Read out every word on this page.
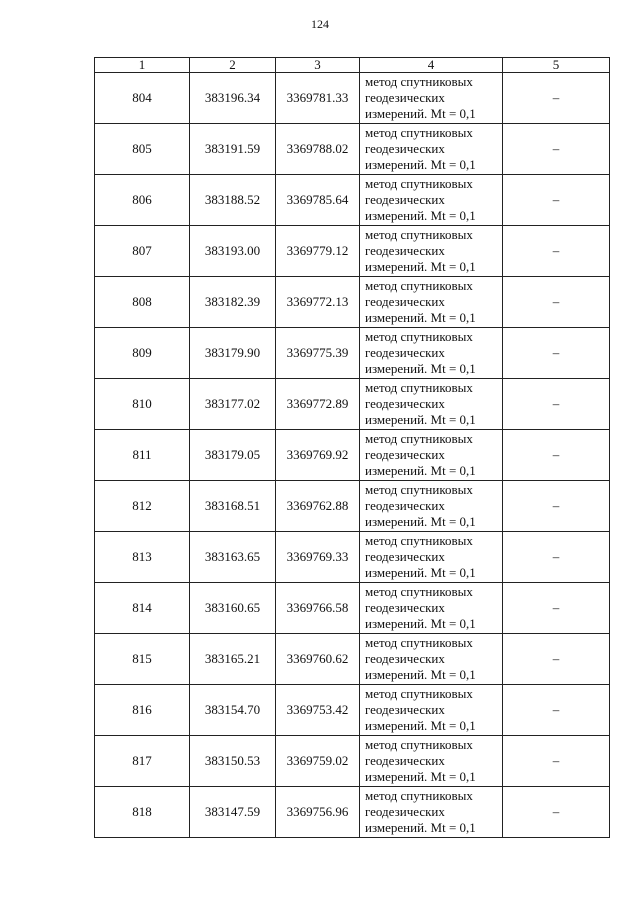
124
1	2	3	4	5
804	383196.34	3369781.33	метод спутниковых
геодезических
измерений. Mt = 0,1	–
805	383191.59	3369788.02	метод спутниковых
геодезических
измерений. Mt = 0,1	–
806	383188.52	3369785.64	метод спутниковых
геодезических
измерений. Mt = 0,1	–
807	383193.00	3369779.12	метод спутниковых
геодезических
измерений. Mt = 0,1	–
808	383182.39	3369772.13	метод спутниковых
геодезических
измерений. Mt = 0,1	–
809	383179.90	3369775.39	метод спутниковых
геодезических
измерений. Mt = 0,1	–
810	383177.02	3369772.89	метод спутниковых
геодезических
измерений. Mt = 0,1	–
811	383179.05	3369769.92	метод спутниковых
геодезических
измерений. Mt = 0,1	–
812	383168.51	3369762.88	метод спутниковых
геодезических
измерений. Mt = 0,1	–
813	383163.65	3369769.33	метод спутниковых
геодезических
измерений. Mt = 0,1	–
814	383160.65	3369766.58	метод спутниковых
геодезических
измерений. Mt = 0,1	–
815	383165.21	3369760.62	метод спутниковых
геодезических
измерений. Mt = 0,1	–
816	383154.70	3369753.42	метод спутниковых
геодезических
измерений. Mt = 0,1	–
817	383150.53	3369759.02	метод спутниковых
геодезических
измерений. Mt = 0,1	–
818	383147.59	3369756.96	метод спутниковых
геодезических
измерений. Mt = 0,1	–
